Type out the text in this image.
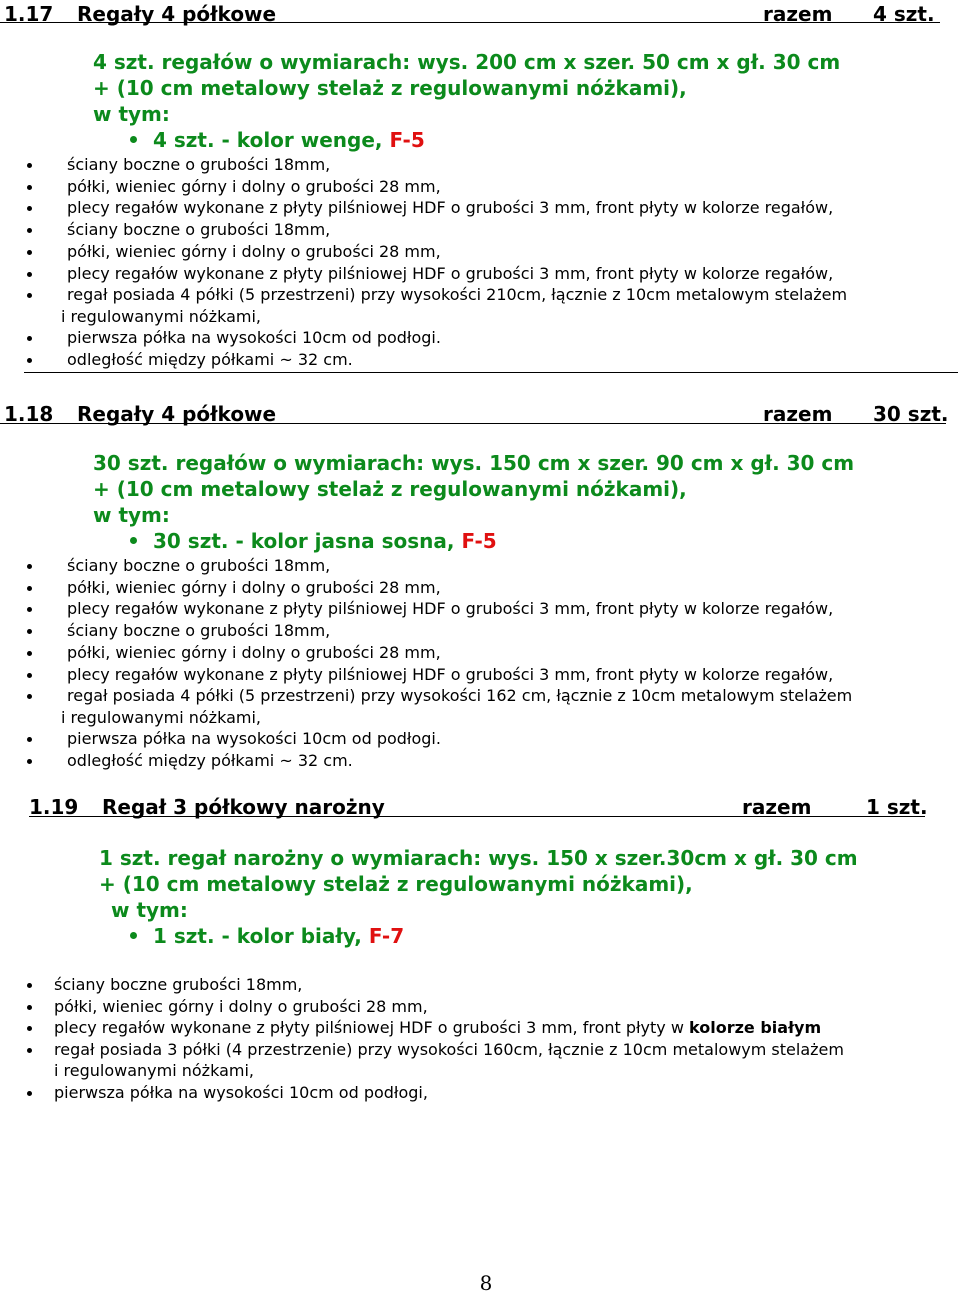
1.17 Regały 4 półkowe	razem 4 szt.
4 szt. regałów o wymiarach: wys. 200 cm x szer. 50 cm x gł. 30 cm
+ (10 cm metalowy stelaż z regulowanymi nóżkami),
w tym:
4 szt. - kolor wenge, F-5
ściany boczne o grubości 18mm,
półki, wieniec górny i dolny o grubości 28 mm,
plecy regałów wykonane z płyty pilśniowej HDF o grubości 3 mm, front płyty w kolorze regałów,
ściany boczne o grubości 18mm,
półki, wieniec górny i dolny o grubości 28 mm,
plecy regałów wykonane z płyty pilśniowej HDF o grubości 3 mm, front płyty w kolorze regałów,
regał posiada 4 półki (5 przestrzeni) przy wysokości 210cm, łącznie z 10cm metalowym stelażem
i regulowanymi nóżkami,
pierwsza półka na wysokości 10cm od podłogi.
odległość między półkami ~ 32 cm.
1.18 Regały 4 półkowe	razem 30 szt.
30 szt. regałów o wymiarach: wys. 150 cm x szer. 90 cm x gł. 30 cm
+ (10 cm metalowy stelaż z regulowanymi nóżkami),
w tym:
30 szt. - kolor jasna sosna, F-5
ściany boczne o grubości 18mm,
półki, wieniec górny i dolny o grubości 28 mm,
plecy regałów wykonane z płyty pilśniowej HDF o grubości 3 mm, front płyty w kolorze regałów,
ściany boczne o grubości 18mm,
półki, wieniec górny i dolny o grubości 28 mm,
plecy regałów wykonane z płyty pilśniowej HDF o grubości 3 mm, front płyty w kolorze regałów,
regał posiada 4 półki (5 przestrzeni) przy wysokości 162 cm, łącznie z 10cm metalowym stelażem
i regulowanymi nóżkami,
pierwsza półka na wysokości 10cm od podłogi.
odległość między półkami ~ 32 cm.
1.19 Regał 3 półkowy narożny	razem	1 szt.
1 szt. regał narożny o wymiarach: wys. 150 x szer.30cm x gł. 30 cm
+ (10 cm metalowy stelaż z regulowanymi nóżkami),
w tym:
1 szt. - kolor biały, F-7
ściany boczne grubości 18mm,
półki, wieniec górny i dolny o grubości 28 mm,
plecy regałów wykonane z płyty pilśniowej HDF o grubości 3 mm, front płyty w kolorze białym
regał posiada 3 półki (4 przestrzenie) przy wysokości 160cm, łącznie z 10cm metalowym stelażem
i regulowanymi nóżkami,
pierwsza półka na wysokości 10cm od podłogi,
8
